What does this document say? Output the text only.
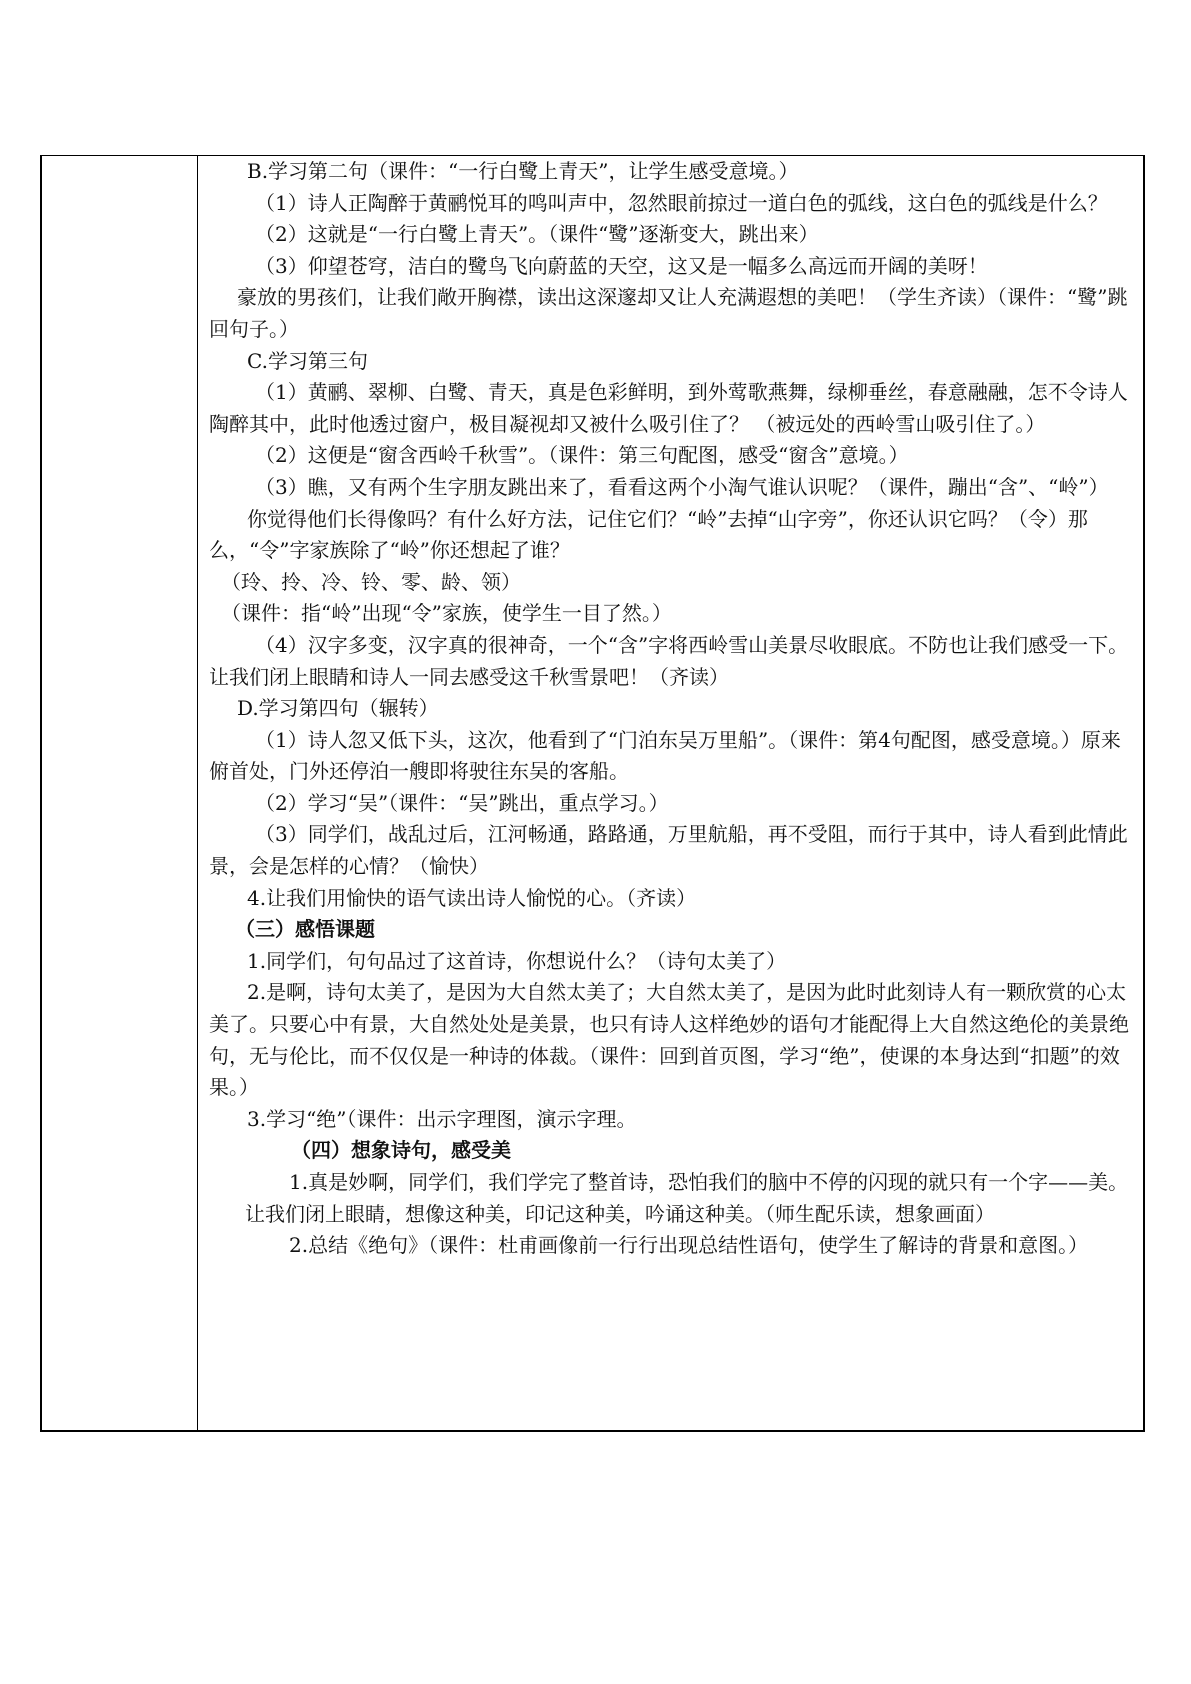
B.学习第二句（课件：“一行白鹭上青天”，让学生感受意境。）

（1）诗人正陶醉于黄鹂悦耳的鸣叫声中，忽然眼前掠过一道白色的弧线，这白色的弧线是什么？

（2）这就是“一行白鹭上青天”。（课件“鹭”逐渐变大，跳出来）

（3）仰望苍穹，洁白的鹭鸟飞向蔚蓝的天空，这又是一幅多么高远而开阔的美呀！

豪放的男孩们，让我们敞开胸襟，读出这深邃却又让人充满遐想的美吧！（学生齐读）（课件：“鹭”跳回句子。）

C.学习第三句

（1）黄鹂、翠柳、白鹭、青天，真是色彩鲜明，到外莺歌燕舞，绿柳垂丝，春意融融，怎不令诗人陶醉其中，此时他透过窗户，极目凝视却又被什么吸引住了？ （被远处的西岭雪山吸引住了。）

（2）这便是“窗含西岭千秋雪”。（课件：第三句配图，感受“窗含”意境。）

（3）瞧，又有两个生字朋友跳出来了，看看这两个小淘气谁认识呢？（课件，蹦出“含”、“岭”）

你觉得他们长得像吗？有什么好方法，记住它们？“岭”去掉“山字旁”，你还认识它吗？（令）那么，“令”字家族除了“岭”你还想起了谁？

（玲、拎、冷、铃、零、龄、领）

（课件：指“岭”出现“令”家族，使学生一目了然。）

（4）汉字多变，汉字真的很神奇，一个“含”字将西岭雪山美景尽收眼底。不防也让我们感受一下。让我们闭上眼睛和诗人一同去感受这千秋雪景吧！（齐读）

D.学习第四句（辗转）

（1）诗人忽又低下头，这次，他看到了“门泊东吴万里船”。（课件：第4句配图，感受意境。）原来俯首处，门外还停泊一艘即将驶往东吴的客船。

（2）学习“吴”（课件：“吴”跳出，重点学习。）

（3）同学们，战乱过后，江河畅通，路路通，万里航船，再不受阻，而行于其中，诗人看到此情此景，会是怎样的心情？（愉快）

4.让我们用愉快的语气读出诗人愉悦的心。（齐读）

（三）感悟课题

1.同学们，句句品过了这首诗，你想说什么？（诗句太美了）

2.是啊，诗句太美了，是因为大自然太美了；大自然太美了，是因为此时此刻诗人有一颗欣赏的心太美了。只要心中有景，大自然处处是美景，也只有诗人这样绝妙的语句才能配得上大自然这绝伦的美景绝句，无与伦比，而不仅仅是一种诗的体裁。（课件：回到首页图，学习“绝”，使课的本身达到“扣题”的效果。）

3.学习“绝”（课件：出示字理图，演示字理。

（四）想象诗句，感受美

1.真是妙啊，同学们，我们学完了整首诗，恐怕我们的脑中不停的闪现的就只有一个字——美。让我们闭上眼睛，想像这种美，印记这种美，吟诵这种美。（师生配乐读，想象画面）

2.总结《绝句》（课件：杜甫画像前一行行出现总结性语句，使学生了解诗的背景和意图。）
